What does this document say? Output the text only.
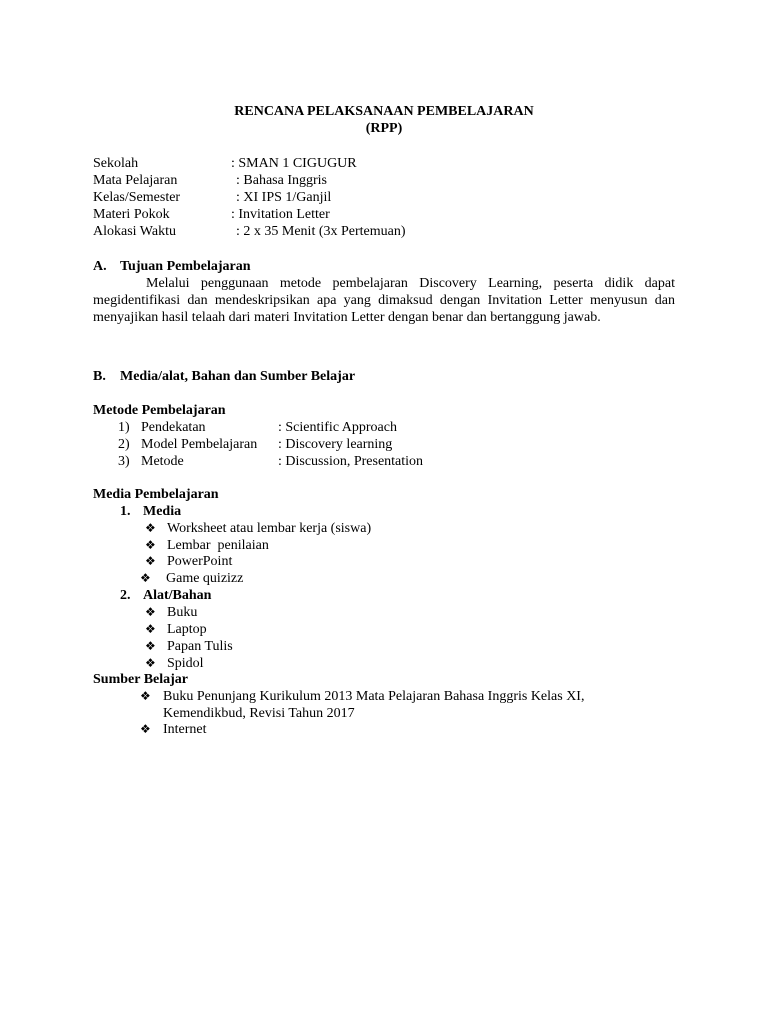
RENCANA PELAKSANAAN PEMBELAJARAN
(RPP)
Sekolah	: SMAN 1 CIGUGUR
Mata Pelajaran	: Bahasa Inggris
Kelas/Semester	: XI IPS 1/Ganjil
Materi Pokok	: Invitation Letter
Alokasi Waktu	: 2 x 35 Menit (3x Pertemuan)
A. Tujuan Pembelajaran
Melalui penggunaan metode pembelajaran Discovery Learning, peserta didik dapat megidentifikasi dan mendeskripsikan apa yang dimaksud dengan Invitation Letter menyusun dan menyajikan hasil telaah dari materi Invitation Letter dengan benar dan bertanggung jawab.
B. Media/alat, Bahan dan Sumber Belajar
Metode Pembelajaran
1) Pendekatan	: Scientific Approach
2) Model Pembelajaran : Discovery learning
3) Metode	: Discussion, Presentation
Media Pembelajaran
1. Media
❖ Worksheet atau lembar kerja (siswa)
❖ Lembar  penilaian
❖ PowerPoint
❖ Game quizizz
2. Alat/Bahan
❖ Buku
❖ Laptop
❖ Papan Tulis
❖ Spidol
Sumber Belajar
❖ Buku Penunjang Kurikulum 2013 Mata Pelajaran Bahasa Inggris Kelas XI,
Kemendikbud, Revisi Tahun 2017
❖ Internet
